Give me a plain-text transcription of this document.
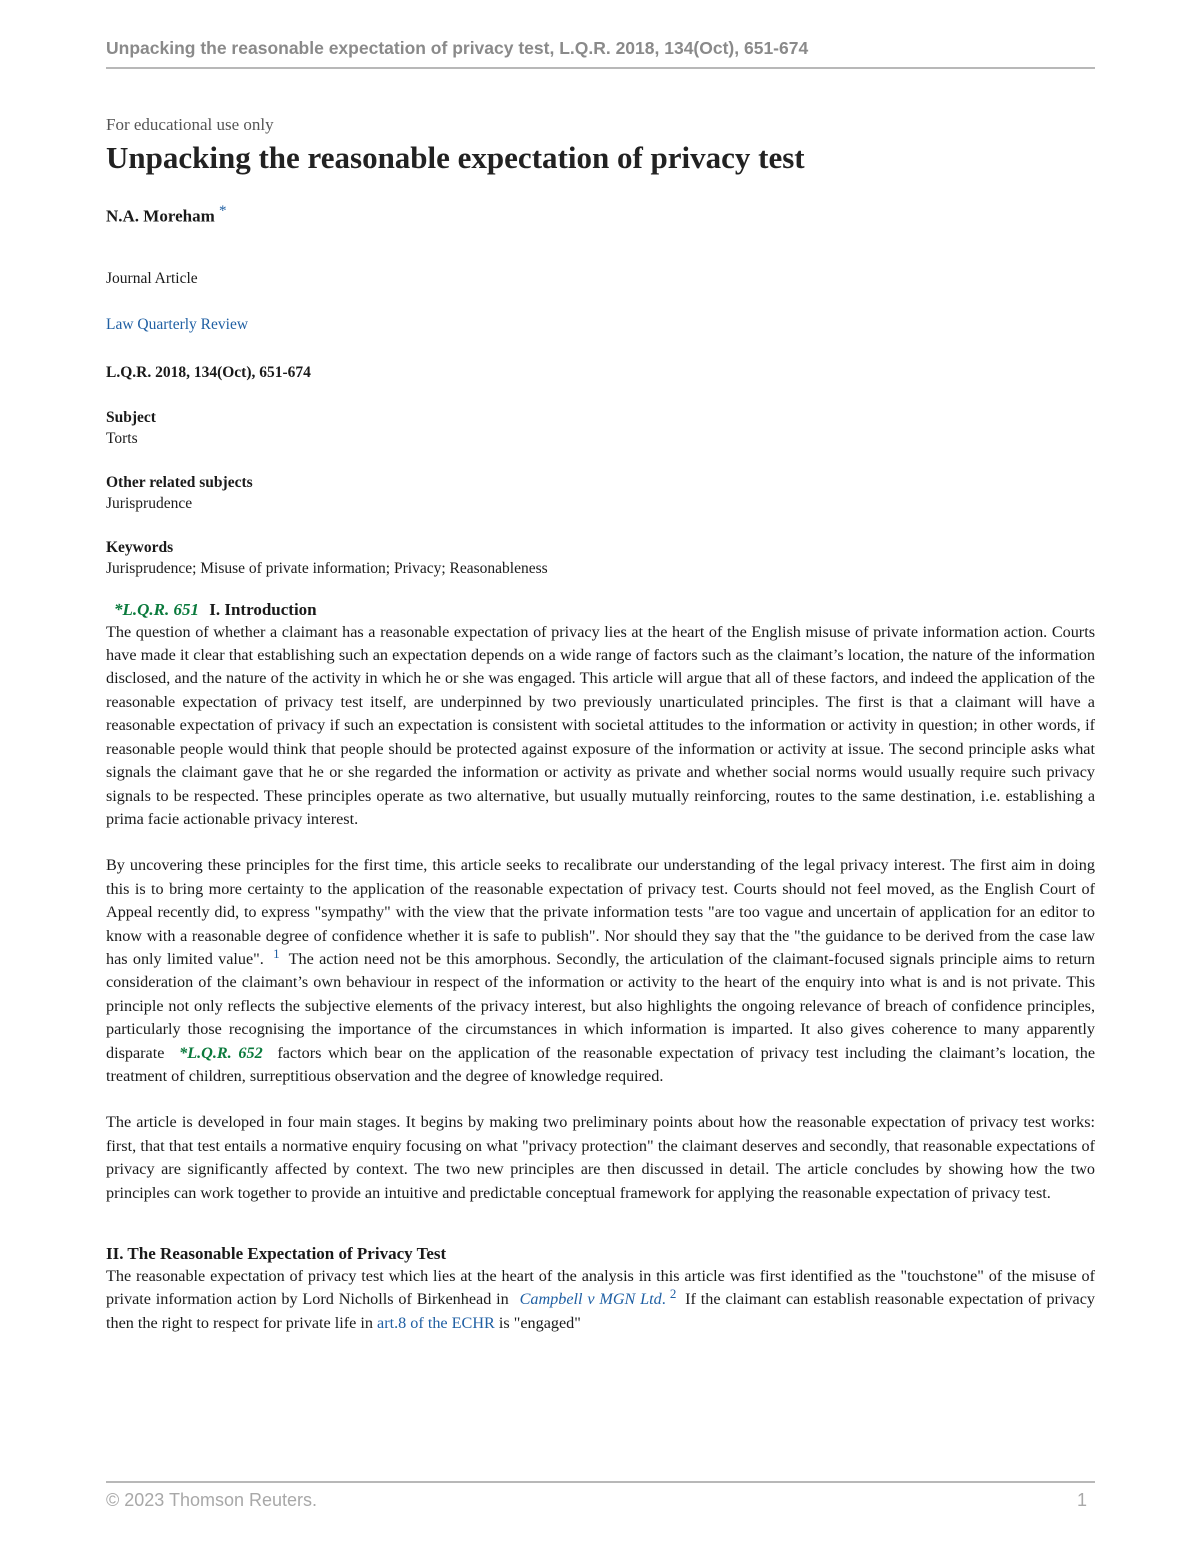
Unpacking the reasonable expectation of privacy test, L.Q.R. 2018, 134(Oct), 651-674

For educational use only

Unpacking the reasonable expectation of privacy test

N.A. Moreham *

Journal Article

Law Quarterly Review

L.Q.R. 2018, 134(Oct), 651-674

Subject
Torts
Other related subjects
Jurisprudence
Keywords
Jurisprudence; Misuse of private information; Privacy; Reasonableness

*L.Q.R. 651 I. Introduction

The question of whether a claimant has a reasonable expectation of privacy lies at the heart of the English misuse of private information action. Courts have made it clear that establishing such an expectation depends on a wide range of factors such as the claimant’s location, the nature of the information disclosed, and the nature of the activity in which he or she was engaged. This article will argue that all of these factors, and indeed the application of the reasonable expectation of privacy test itself, are underpinned by two previously unarticulated principles. The first is that a claimant will have a reasonable expectation of privacy if such an expectation is consistent with societal attitudes to the information or activity in question; in other words, if reasonable people would think that people should be protected against exposure of the information or activity at issue. The second principle asks what signals the claimant gave that he or she regarded the information or activity as private and whether social norms would usually require such privacy signals to be respected. These principles operate as two alternative, but usually mutually reinforcing, routes to the same destination, i.e. establishing a prima facie actionable privacy interest.

By uncovering these principles for the first time, this article seeks to recalibrate our understanding of the legal privacy interest. The first aim in doing this is to bring more certainty to the application of the reasonable expectation of privacy test. Courts should not feel moved, as the English Court of Appeal recently did, to express "sympathy" with the view that the private information tests "are too vague and uncertain of application for an editor to know with a reasonable degree of confidence whether it is safe to publish". Nor should they say that the "the guidance to be derived from the case law has only limited value". $^1$ The action need not be this amorphous. Secondly, the articulation of the claimant-focused signals principle aims to return consideration of the claimant’s own behaviour in respect of the information or activity to the heart of the enquiry into what is and is not private. This principle not only reflects the subjective elements of the privacy interest, but also highlights the ongoing relevance of breach of confidence principles, particularly those recognising the importance of the circumstances in which information is imparted. It also gives coherence to many apparently disparate *L.Q.R. 652 factors which bear on the application of the reasonable expectation of privacy test including the claimant’s location, the treatment of children, surreptitious observation and the degree of knowledge required.

The article is developed in four main stages. It begins by making two preliminary points about how the reasonable expectation of privacy test works: first, that that test entails a normative enquiry focusing on what "privacy protection" the claimant deserves and secondly, that reasonable expectations of privacy are significantly affected by context. The two new principles are then discussed in detail. The article concludes by showing how the two principles can work together to provide an intuitive and predictable conceptual framework for applying the reasonable expectation of privacy test.

II. The Reasonable Expectation of Privacy Test

The reasonable expectation of privacy test which lies at the heart of the analysis in this article was first identified as the "touchstone" of the misuse of private information action by Lord Nicholls of Birkenhead in Campbell v MGN Ltd. $^2$ If the claimant can establish reasonable expectation of privacy then the right to respect for private life in art.8 of the ECHR is "engaged"

© 2023 Thomson Reuters.	1
